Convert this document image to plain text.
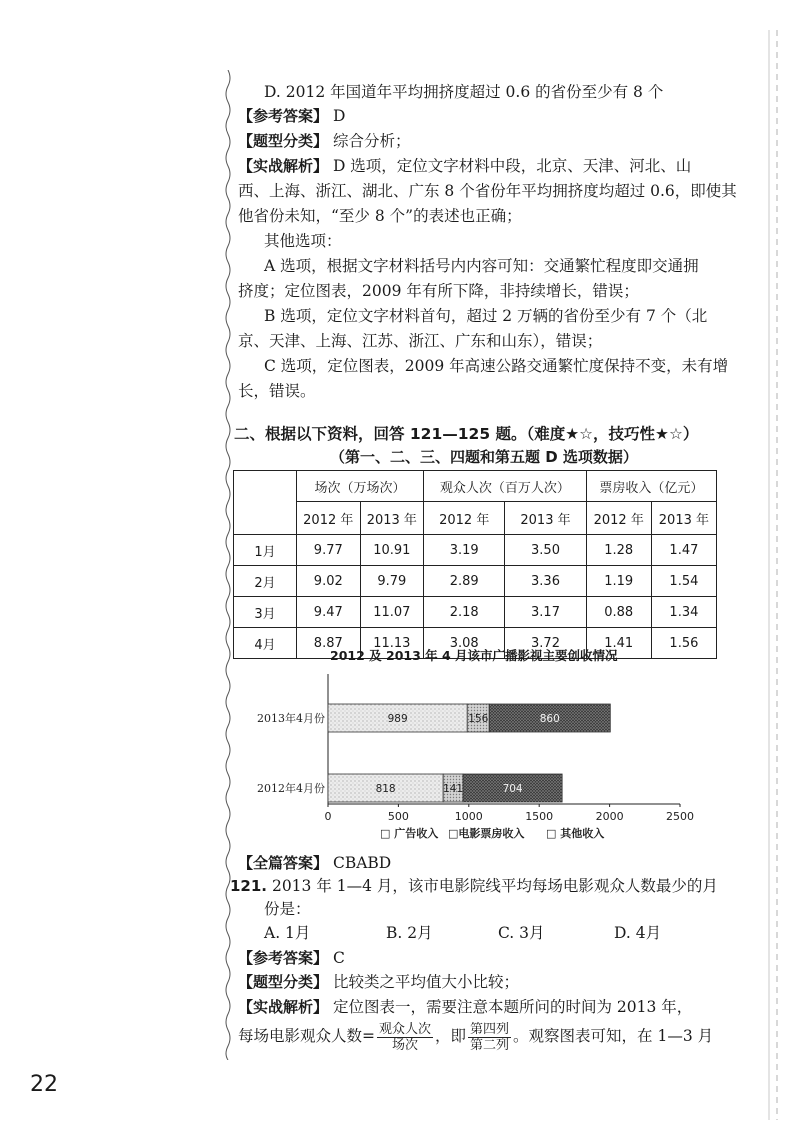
D. 2012 年国道年平均拥挤度超过 0.6 的省份至少有 8 个
【参考答案】 D
【题型分类】 综合分析；
【实战解析】 D 选项，定位文字材料中段，北京、天津、河北、山
西、上海、浙江、湖北、广东 8 个省份年平均拥挤度均超过 0.6，即使其
他省份未知，“至少 8 个”的表述也正确；
其他选项：
A 选项，根据文字材料括号内内容可知：交通繁忙程度即交通拥
挤度；定位图表，2009 年有所下降，非持续增长，错误；
B 选项，定位文字材料首句，超过 2 万辆的省份至少有 7 个（北
京、天津、上海、江苏、浙江、广东和山东），错误；
C 选项，定位图表，2009 年高速公路交通繁忙度保持不变，未有增
长，错误。
二、根据以下资料，回答 121—125 题。（难度★☆，技巧性★☆）
（第一、二、三、四题和第五题 D 选项数据）
	场次（万场次）		观众人次（百万人次）		票房收入（亿元）	
	2012 年	2013 年	2012 年	2013 年	2012 年	2013 年
1月	9.77	10.91	3.19	3.50	1.28	1.47
2月	9.02	9.79	2.89	3.36	1.19	1.54
3月	9.47	11.07	2.18	3.17	0.88	1.34
4月	8.87	11.13	3.08	3.72	1.41	1.56
2012 及 2013 年 4 月该市广播影视主要创收情况
0	500	1000	1500	2000	2500
2013年4月份	989	156	860
2012年4月份	818	141	704
□ 广告收入 □电影票房收入 □ 其他收入
【全篇答案】 CBABD
121. 2013 年 1—4 月，该市电影院线平均每场电影观众人数最少的月
份是：
A. 1月	B. 2月	C. 3月	D. 4月
【参考答案】 C
【题型分类】 比较类之平均值大小比较；
【实战解析】 定位图表一，需要注意本题所问的时间为 2013 年，
每场电影观众人数= $\frac{\text{观众人次}}{\text{场次}}$ ，即 $\frac{\text{第四列}}{\text{第二列}}$ 。观察图表可知，在 1—3 月
22
